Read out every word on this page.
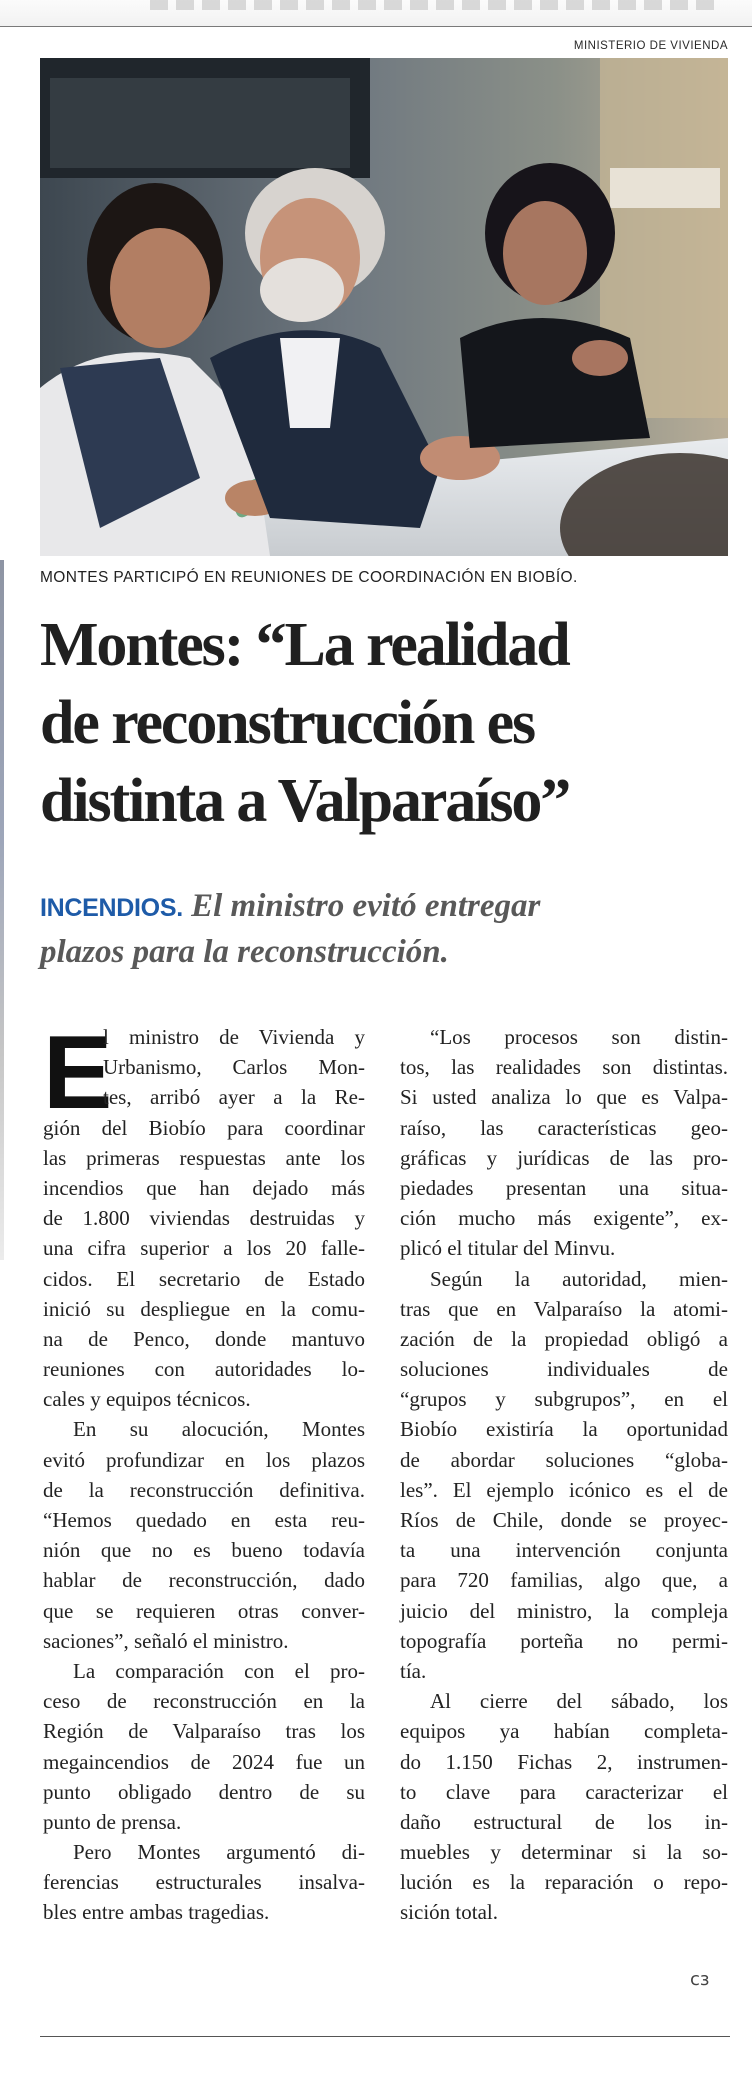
MINISTERIO DE VIVIENDA
MONTES PARTICIPÓ EN REUNIONES DE COORDINACIÓN EN BIOBÍO.
Montes: “La realidad
de reconstrucción es
distinta a Valparaíso”
INCENDIOS. El ministro evitó entregar
plazos para la reconstrucción.
E
l ministro de Vivienda y
Urbanismo, Carlos Mon-
tes, arribó ayer a la Re-
gión del Biobío para coordinar
las primeras respuestas ante los
incendios que han dejado más
de 1.800 viviendas destruidas y
una cifra superior a los 20 falle-
cidos. El secretario de Estado
inició su despliegue en la comu-
na de Penco, donde mantuvo
reuniones con autoridades lo-
cales y equipos técnicos.
En su alocución, Montes
evitó profundizar en los plazos
de la reconstrucción definitiva.
“Hemos quedado en esta reu-
nión que no es bueno todavía
hablar de reconstrucción, dado
que se requieren otras conver-
saciones”, señaló el ministro.
La comparación con el pro-
ceso de reconstrucción en la
Región de Valparaíso tras los
megaincendios de 2024 fue un
punto obligado dentro de su
punto de prensa.
Pero Montes argumentó di-
ferencias estructurales insalva-
bles entre ambas tragedias.
“Los procesos son distin-
tos, las realidades son distintas.
Si usted analiza lo que es Valpa-
raíso, las características geo-
gráficas y jurídicas de las pro-
piedades presentan una situa-
ción mucho más exigente”, ex-
plicó el titular del Minvu.
Según la autoridad, mien-
tras que en Valparaíso la atomi-
zación de la propiedad obligó a
soluciones individuales de
“grupos y subgrupos”, en el
Biobío existiría la oportunidad
de abordar soluciones “globa-
les”. El ejemplo icónico es el de
Ríos de Chile, donde se proyec-
ta una intervención conjunta
para 720 familias, algo que, a
juicio del ministro, la compleja
topografía porteña no permi-
tía.
Al cierre del sábado, los
equipos ya habían completa-
do 1.150 Fichas 2, instrumen-
to clave para caracterizar el
daño estructural de los in-
muebles y determinar si la so-
lución es la reparación o repo-
sición total.
cз
